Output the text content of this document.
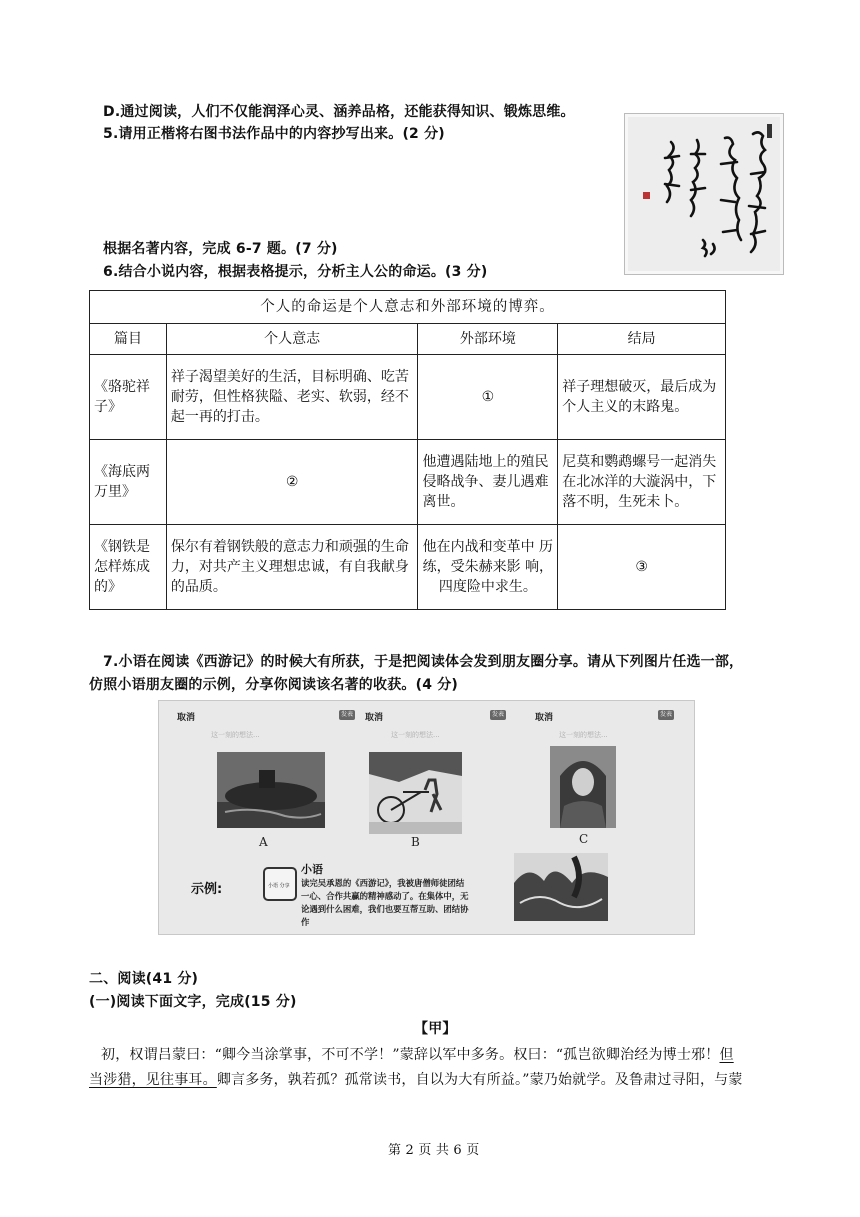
D.通过阅读，人们不仅能润泽心灵、涵养品格，还能获得知识、锻炼思维。
5.请用正楷将右图书法作品中的内容抄写出来。(2 分)
根据名著内容，完成 6-7 题。(7 分)
6.结合小说内容，根据表格提示，分析主人公的命运。(3 分)
个人的命运是个人意志和外部环境的博弈。			
篇目	个人意志	外部环境	结局
《骆驼祥子》	祥子渴望美好的生活，目标明确、吃苦耐劳，但性格狭隘、老实、软弱，经不起一再的打击。	①	祥子理想破灭，最后成为个人主义的末路鬼。
《海底两万里》	②	他遭遇陆地上的殖民侵略战争、妻儿遇难离世。	尼莫和鹦鹉螺号一起消失在北冰洋的大漩涡中，下落不明，生死未卜。
《钢铁是怎样炼成的》	保尔有着钢铁般的意志力和顽强的生命力，对共产主义理想忠诚，有自我献身的品质。	他在内战和变革中 历练，受朱赫来影 响，四度险中求生。	③
7.小语在阅读《西游记》的时候大有所获，于是把阅读体会发到朋友圈分享。请从下列图片任选一部，
仿照小语朋友圈的示例，分享你阅读该名著的收获。(4 分)
取消	发表
这一刻的想法...
取消	发表
这一刻的想法...
取消	发表
这一刻的想法...
A	B	C
示例:	小语 分享
小语
读完吴承恩的《西游记》，我被唐僧师徒团结
一心、合作共赢的精神感动了。在集体中，无
论遇到什么困难，我们也要互帮互助、团结协
作
二、阅读(41 分)
(一)阅读下面文字，完成(15 分)
【甲】
初，权谓吕蒙曰：“卿今当涂掌事，不可不学！”蒙辞以军中多务。权曰：“孤岂欲卿治经为博士邪！但
当涉猎，见往事耳。卿言多务，孰若孤？孤常读书，自以为大有所益。”蒙乃始就学。及鲁肃过寻阳，与蒙
第 2 页 共 6 页
